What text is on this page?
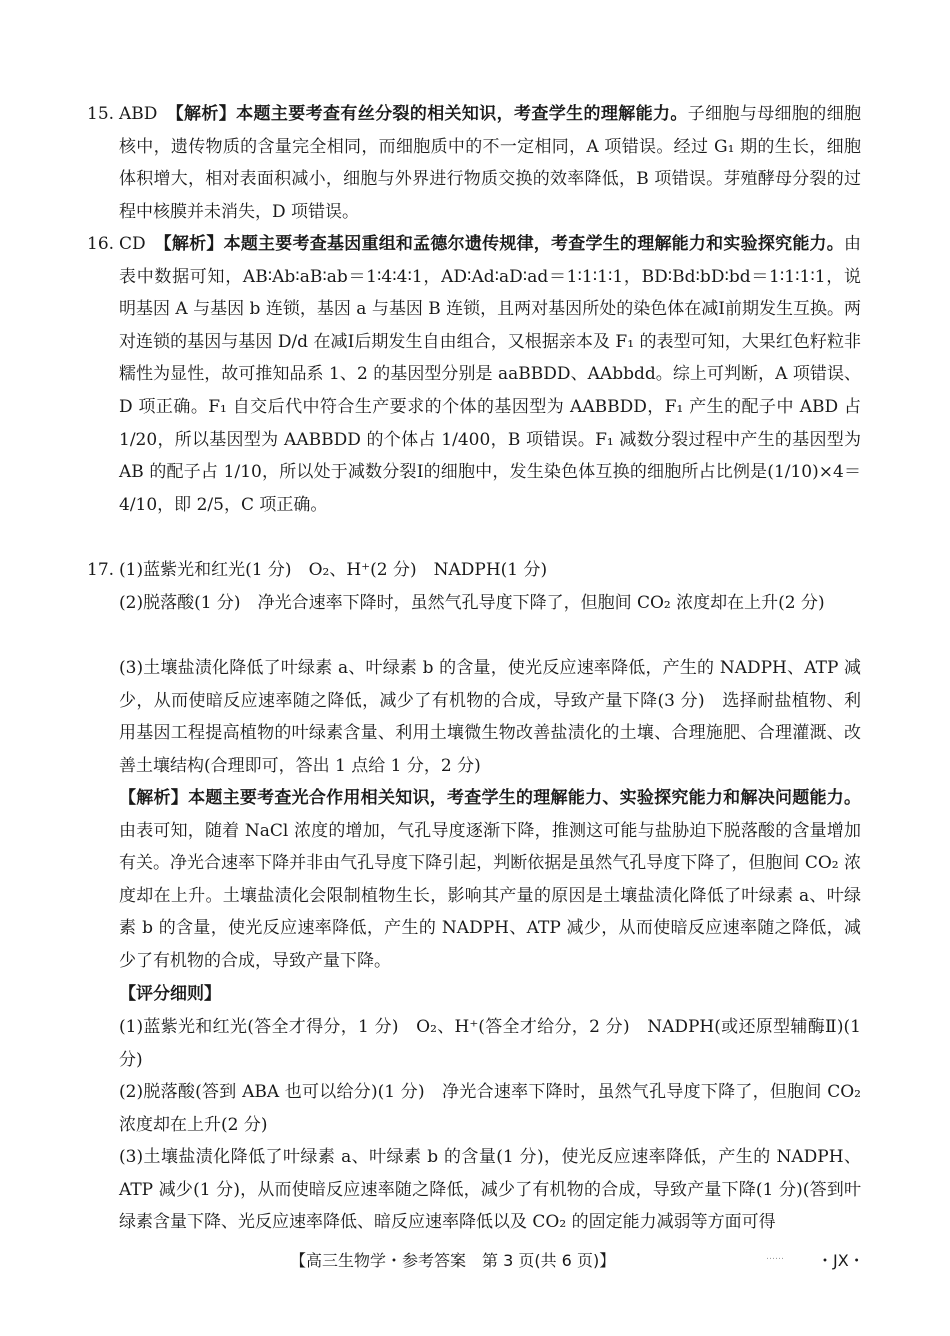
15. ABD　 【解析】本题主要考查有丝分裂的相关知识，考查学生的理解能力。子细胞与母细胞的细胞核中，遗传物质的含量完全相同，而细胞质中的不一定相同，A 项错误。经过 G₁ 期的生长，细胞体积增大，相对表面积减小，细胞与外界进行物质交换的效率降低，B 项错误。芽殖酵母分裂的过程中核膜并未消失，D 项错误。

16. CD　 【解析】本题主要考查基因重组和孟德尔遗传规律，考查学生的理解能力和实验探究能力。由表中数据可知，AB∶Ab∶aB∶ab＝1∶4∶4∶1，AD∶Ad∶aD∶ad＝1∶1∶1∶1，BD∶Bd∶bD∶bd＝1∶1∶1∶1，说明基因 A 与基因 b 连锁，基因 a 与基因 B 连锁，且两对基因所处的染色体在减Ⅰ前期发生互换。两对连锁的基因与基因 D/d 在减Ⅰ后期发生自由组合，又根据亲本及 F₁ 的表型可知，大果红色籽粒非糯性为显性，故可推知品系 1、2 的基因型分别是 aaBBDD、AAbbdd。综上可判断，A 项错误、D 项正确。F₁ 自交后代中符合生产要求的个体的基因型为 AABBDD，F₁ 产生的配子中 ABD 占 1/20，所以基因型为 AABBDD 的个体占 1/400，B 项错误。F₁ 减数分裂过程中产生的基因型为 AB 的配子占 1/10，所以处于减数分裂Ⅰ的细胞中，发生染色体互换的细胞所占比例是(1/10)×4＝4/10，即 2/5，C 项正确。

17. (1)蓝紫光和红光(1 分)　O₂、H⁺(2 分)　NADPH(1 分)

(2)脱落酸(1 分)　净光合速率下降时，虽然气孔导度下降了，但胞间 CO₂ 浓度却在上升(2 分)

(3)土壤盐渍化降低了叶绿素 a、叶绿素 b 的含量，使光反应速率降低，产生的 NADPH、ATP 减少，从而使暗反应速率随之降低，减少了有机物的合成，导致产量下降(3 分)　选择耐盐植物、利用基因工程提高植物的叶绿素含量、利用土壤微生物改善盐渍化的土壤、合理施肥、合理灌溉、改善土壤结构(合理即可，答出 1 点给 1 分，2 分)

【解析】本题主要考查光合作用相关知识，考查学生的理解能力、实验探究能力和解决问题能力。由表可知，随着 NaCl 浓度的增加，气孔导度逐渐下降，推测这可能与盐胁迫下脱落酸的含量增加有关。净光合速率下降并非由气孔导度下降引起，判断依据是虽然气孔导度下降了，但胞间 CO₂ 浓度却在上升。土壤盐渍化会限制植物生长，影响其产量的原因是土壤盐渍化降低了叶绿素 a、叶绿素 b 的含量，使光反应速率降低，产生的 NADPH、ATP 减少，从而使暗反应速率随之降低，减少了有机物的合成，导致产量下降。

【评分细则】

(1)蓝紫光和红光(答全才得分，1 分)　O₂、H⁺(答全才给分，2 分)　NADPH(或还原型辅酶Ⅱ)(1 分)

(2)脱落酸(答到 ABA 也可以给分)(1 分)　净光合速率下降时，虽然气孔导度下降了，但胞间 CO₂ 浓度却在上升(2 分)

(3)土壤盐渍化降低了叶绿素 a、叶绿素 b 的含量(1 分)，使光反应速率降低，产生的 NADPH、ATP 减少(1 分)，从而使暗反应速率随之降低，减少了有机物的合成，导致产量下降(1 分)(答到叶绿素含量下降、光反应速率降低、暗反应速率降低以及 CO₂ 的固定能力减弱等方面可得

【高三生物学・参考答案　第 3 页(共 6 页)】	…… ・JX・
